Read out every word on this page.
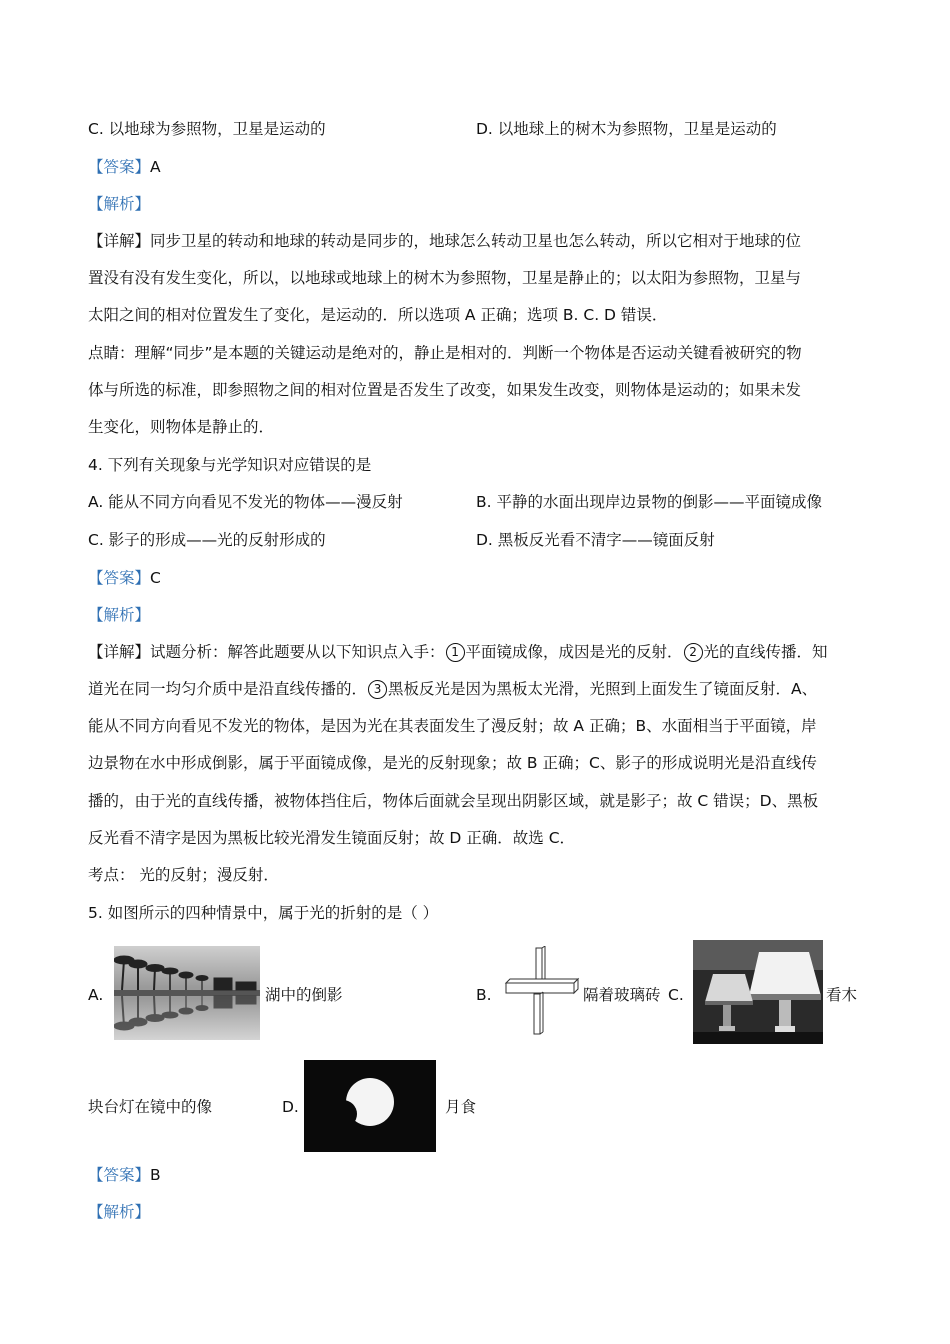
C. 以地球为参照物，卫星是运动的	D. 以地球上的树木为参照物，卫星是运动的
【答案】A
【解析】
【详解】同步卫星的转动和地球的转动是同步的，地球怎么转动卫星也怎么转动，所以它相对于地球的位
置没有没有发生变化，所以，以地球或地球上的树木为参照物，卫星是静止的；以太阳为参照物，卫星与
太阳之间的相对位置发生了变化，是运动的．所以选项 A 正确；选项 B. C. D 错误．
点睛：理解“同步”是本题的关键运动是绝对的，静止是相对的．判断一个物体是否运动关键看被研究的物
体与所选的标准，即参照物之间的相对位置是否发生了改变，如果发生改变，则物体是运动的；如果未发
生变化，则物体是静止的．
4. 下列有关现象与光学知识对应错误的是
A. 能从不同方向看见不发光的物体——漫反射	B. 平静的水面出现岸边景物的倒影——平面镜成像
C. 影子的形成——光的反射形成的	D. 黑板反光看不清字——镜面反射
【答案】C
【解析】
【详解】试题分析：解答此题要从以下知识点入手： 1 平面镜成像，成因是光的反射． 2 光的直线传播．知
道光在同一均匀介质中是沿直线传播的． 3 黑板反光是因为黑板太光滑，光照到上面发生了镜面反射．A、
能从不同方向看见不发光的物体，是因为光在其表面发生了漫反射；故 A 正确；B、水面相当于平面镜，岸
边景物在水中形成倒影，属于平面镜成像，是光的反射现象；故 B 正确；C、影子的形成说明光是沿直线传
播的，由于光的直线传播，被物体挡住后，物体后面就会呈现出阴影区域，就是影子；故 C 错误；D、黑板
反光看不清字是因为黑板比较光滑发生镜面反射；故 D 正确．故选 C．
考点： 光的反射；漫反射．
5. 如图所示的四种情景中，属于光的折射的是（ ）
A.	湖中的倒影	B.	隔着玻璃砖 C.	看木
块台灯在镜中的像	D.	月食
【答案】B
【解析】
